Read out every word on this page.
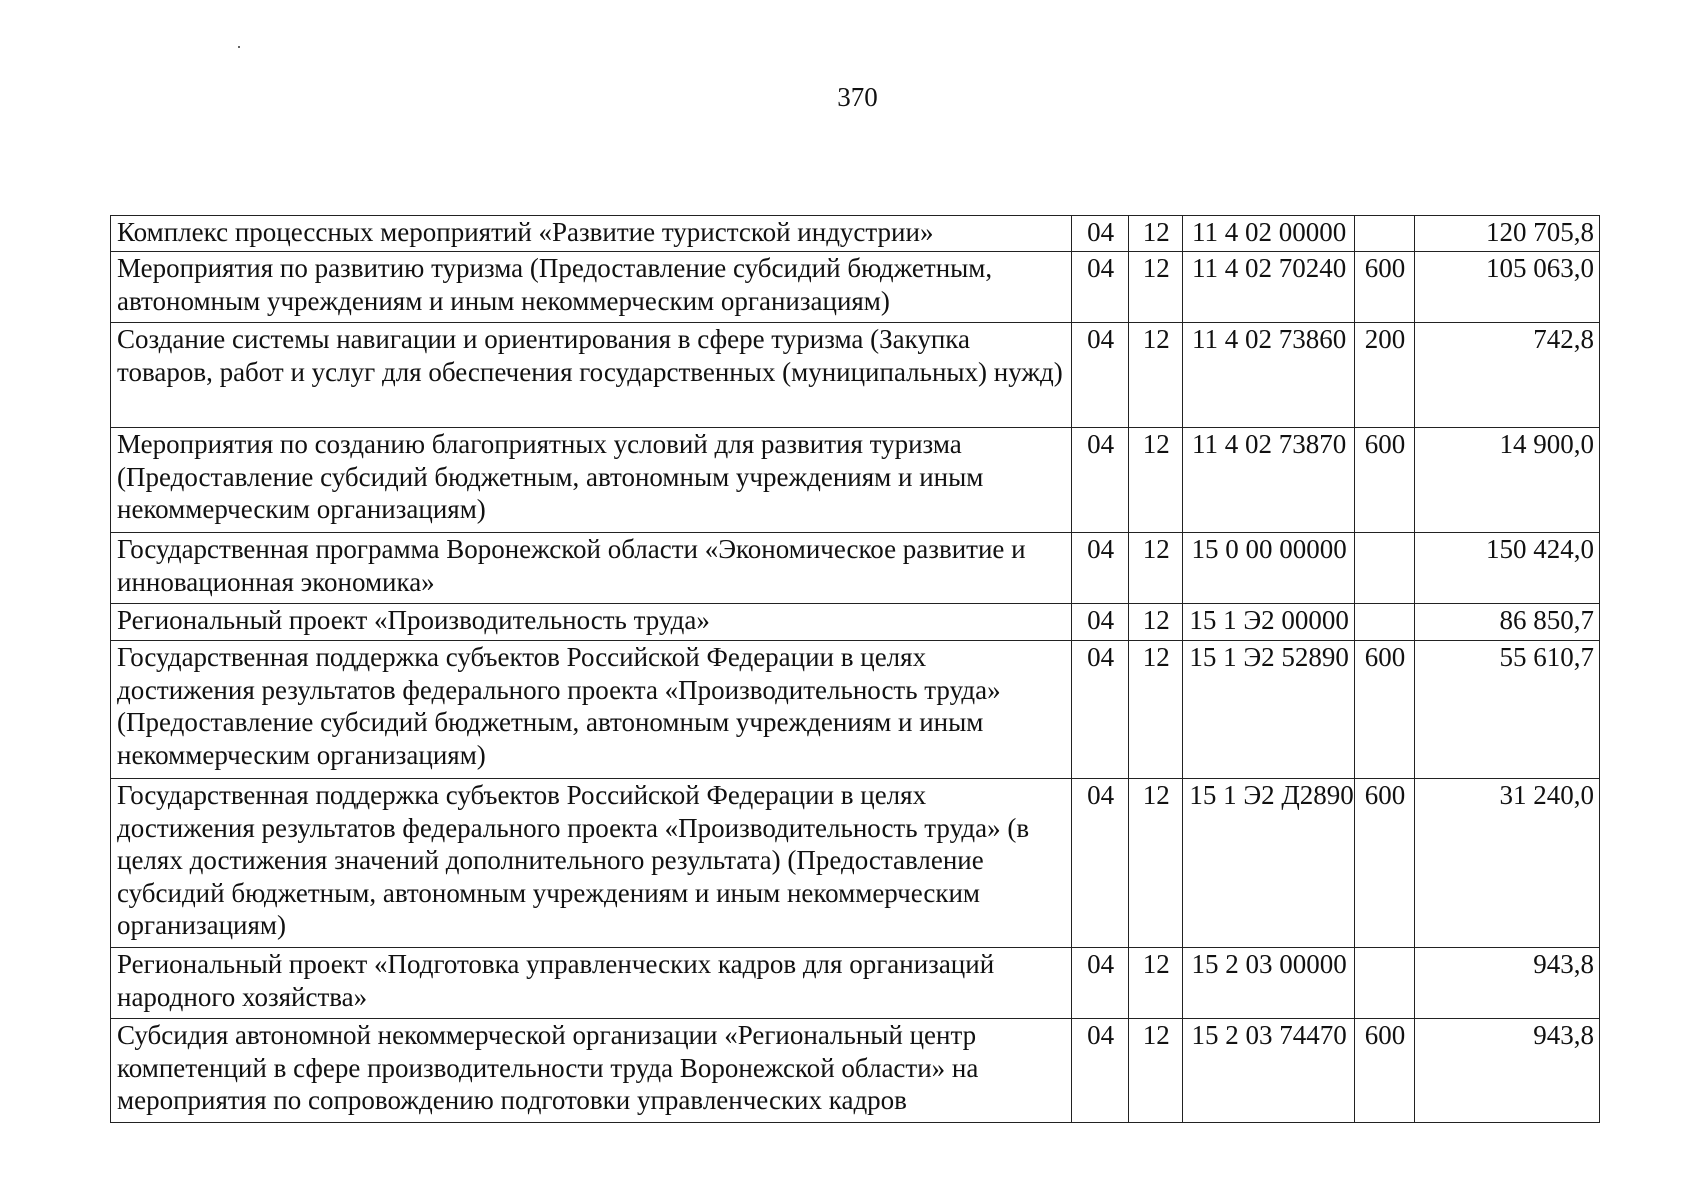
370
Комплекс процессных мероприятий «Развитие туристской индустрии»	04	12	11 4 02 00000		120 705,8
Мероприятия по развитию туризма (Предоставление субсидий бюджетным, автономным учреждениям и иным некоммерческим организациям)	04	12	11 4 02 70240	600	105 063,0
Создание системы навигации и ориентирования в сфере туризма (Закупка товаров, работ и услуг для обеспечения государственных (муниципальных) нужд)	04	12	11 4 02 73860	200	742,8
Мероприятия по созданию благоприятных условий для развития туризма (Предоставление субсидий бюджетным, автономным учреждениям и иным некоммерческим организациям)	04	12	11 4 02 73870	600	14 900,0
Государственная программа Воронежской области «Экономическое развитие и инновационная экономика»	04	12	15 0 00 00000		150 424,0
Региональный проект «Производительность труда»	04	12	15 1 Э2 00000		86 850,7
Государственная поддержка субъектов Российской Федерации в целях достижения результатов федерального проекта «Производительность труда» (Предоставление субсидий бюджетным, автономным учреждениям и иным некоммерческим организациям)	04	12	15 1 Э2 52890	600	55 610,7
Государственная поддержка субъектов Российской Федерации в целях достижения результатов федерального проекта «Производительность труда» (в целях достижения значений дополнительного результата) (Предоставление субсидий бюджетным, автономным учреждениям и иным некоммерческим организациям)	04	12	15 1 Э2 Д2890	600	31 240,0
Региональный проект «Подготовка управленческих кадров для организаций народного хозяйства»	04	12	15 2 03 00000		943,8
Субсидия автономной некоммерческой организации «Региональный центр компетенций в сфере производительности труда Воронежской области» на мероприятия по сопровождению подготовки управленческих кадров	04	12	15 2 03 74470	600	943,8
